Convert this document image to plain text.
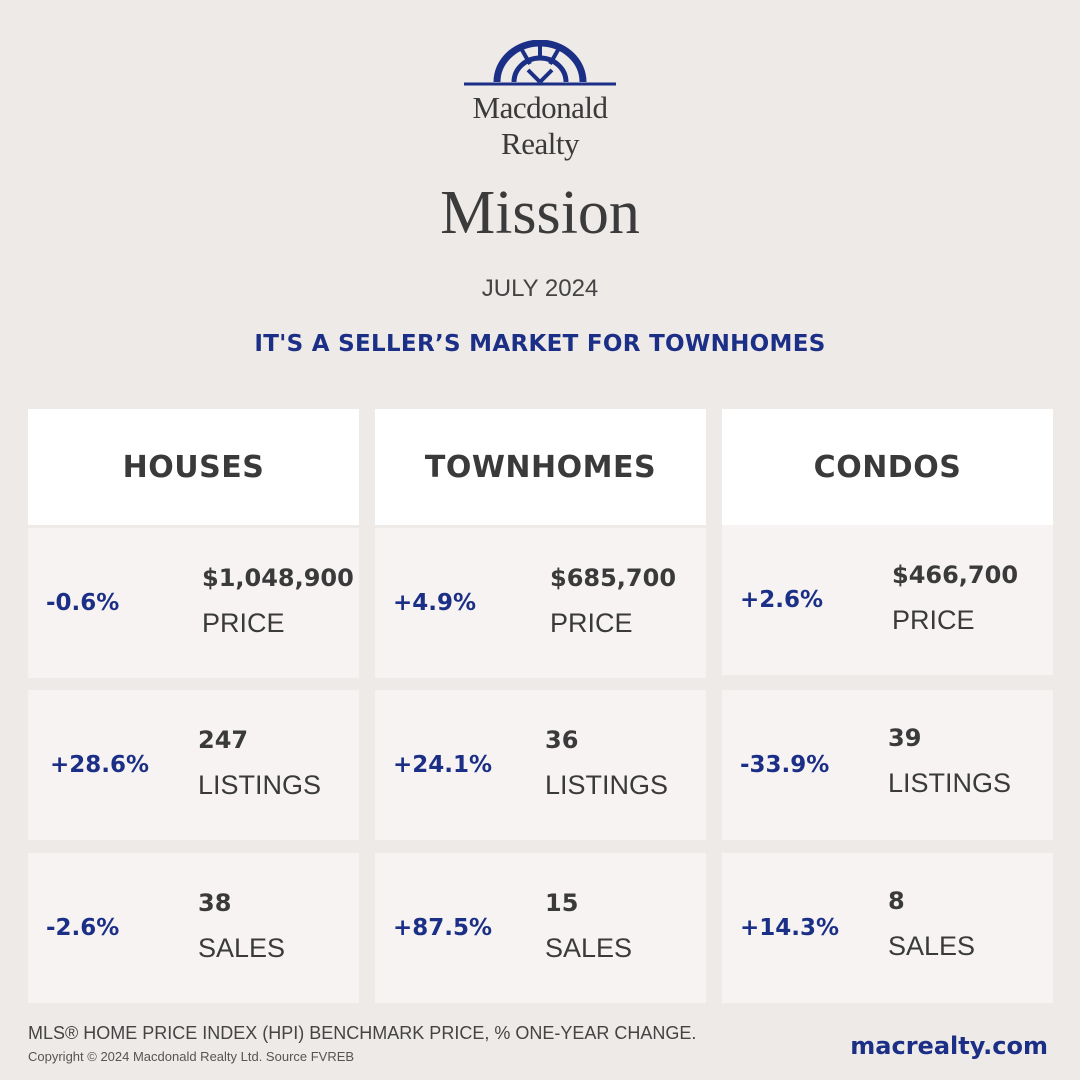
Macdonald
Realty
Mission
JULY 2024
IT'S A SELLER’S MARKET FOR TOWNHOMES
HOUSES
-0.6%
$1,048,900
PRICE
+28.6%
247
LISTINGS
-2.6%
38
SALES
TOWNHOMES
+4.9%
$685,700
PRICE
+24.1%
36
LISTINGS
+87.5%
15
SALES
CONDOS
+2.6%
$466,700
PRICE
-33.9%
39
LISTINGS
+14.3%
8
SALES
MLS® HOME PRICE INDEX (HPI) BENCHMARK PRICE, % ONE-YEAR CHANGE.
Copyright © 2024 Macdonald Realty Ltd. Source FVREB	macrealty.com
